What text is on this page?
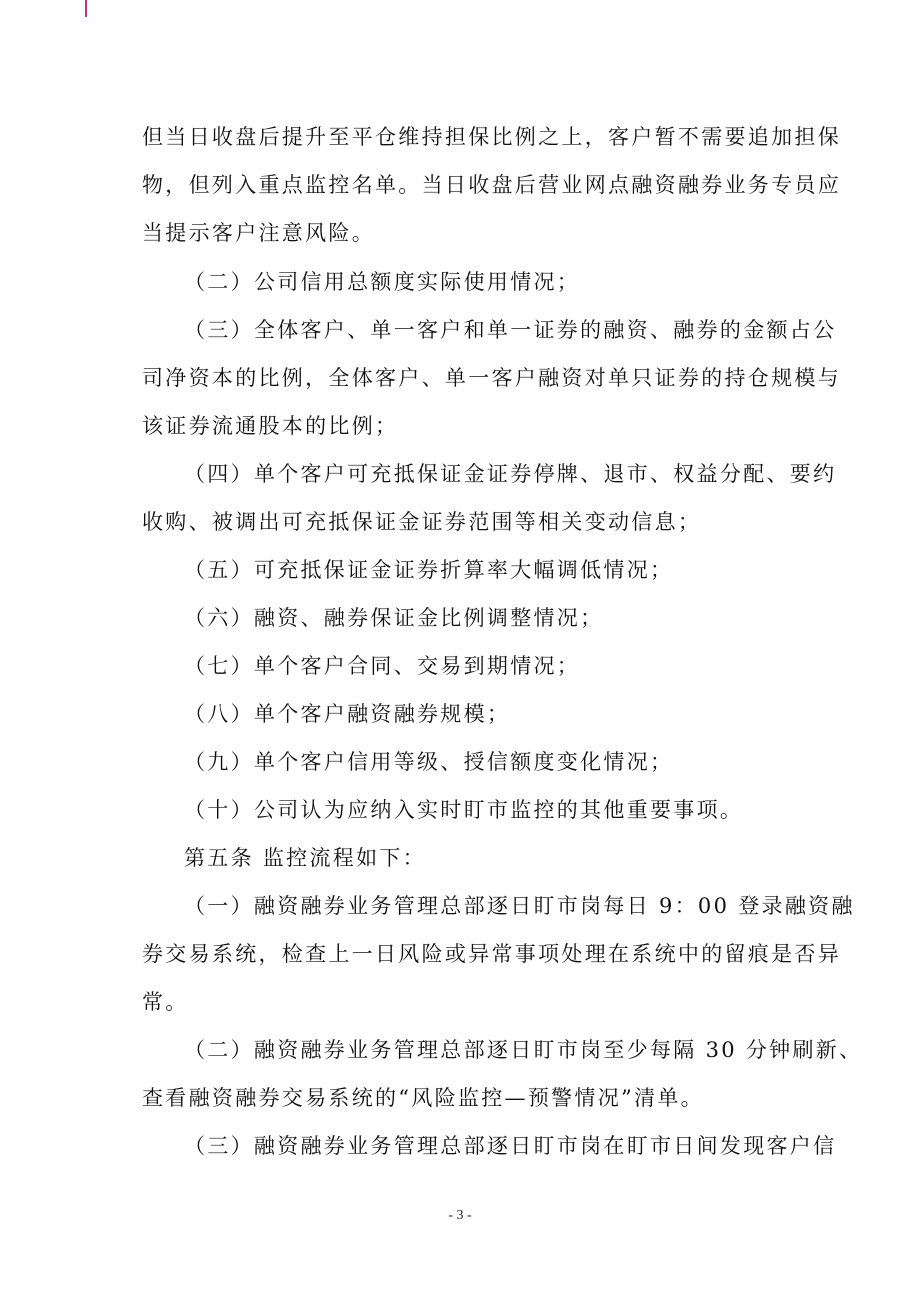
但当日收盘后提升至平仓维持担保比例之上，客户暂不需要追加担保
物，但列入重点监控名单。当日收盘后营业网点融资融券业务专员应
当提示客户注意风险。
（二）公司信用总额度实际使用情况；
（三）全体客户、单一客户和单一证券的融资、融券的金额占公
司净资本的比例，全体客户、单一客户融资对单只证券的持仓规模与
该证券流通股本的比例；
（四）单个客户可充抵保证金证券停牌、退市、权益分配、要约
收购、被调出可充抵保证金证券范围等相关变动信息；
（五）可充抵保证金证券折算率大幅调低情况；
（六）融资、融券保证金比例调整情况；
（七）单个客户合同、交易到期情况；
（八）单个客户融资融券规模；
（九）单个客户信用等级、授信额度变化情况；
（十）公司认为应纳入实时盯市监控的其他重要事项。
第五条 监控流程如下：
（一）融资融券业务管理总部逐日盯市岗每日 9：00 登录融资融
券交易系统，检查上一日风险或异常事项处理在系统中的留痕是否异
常。
（二）融资融券业务管理总部逐日盯市岗至少每隔 30 分钟刷新、
查看融资融券交易系统的“风险监控—预警情况”清单。
（三）融资融券业务管理总部逐日盯市岗在盯市日间发现客户信
- 3 -
